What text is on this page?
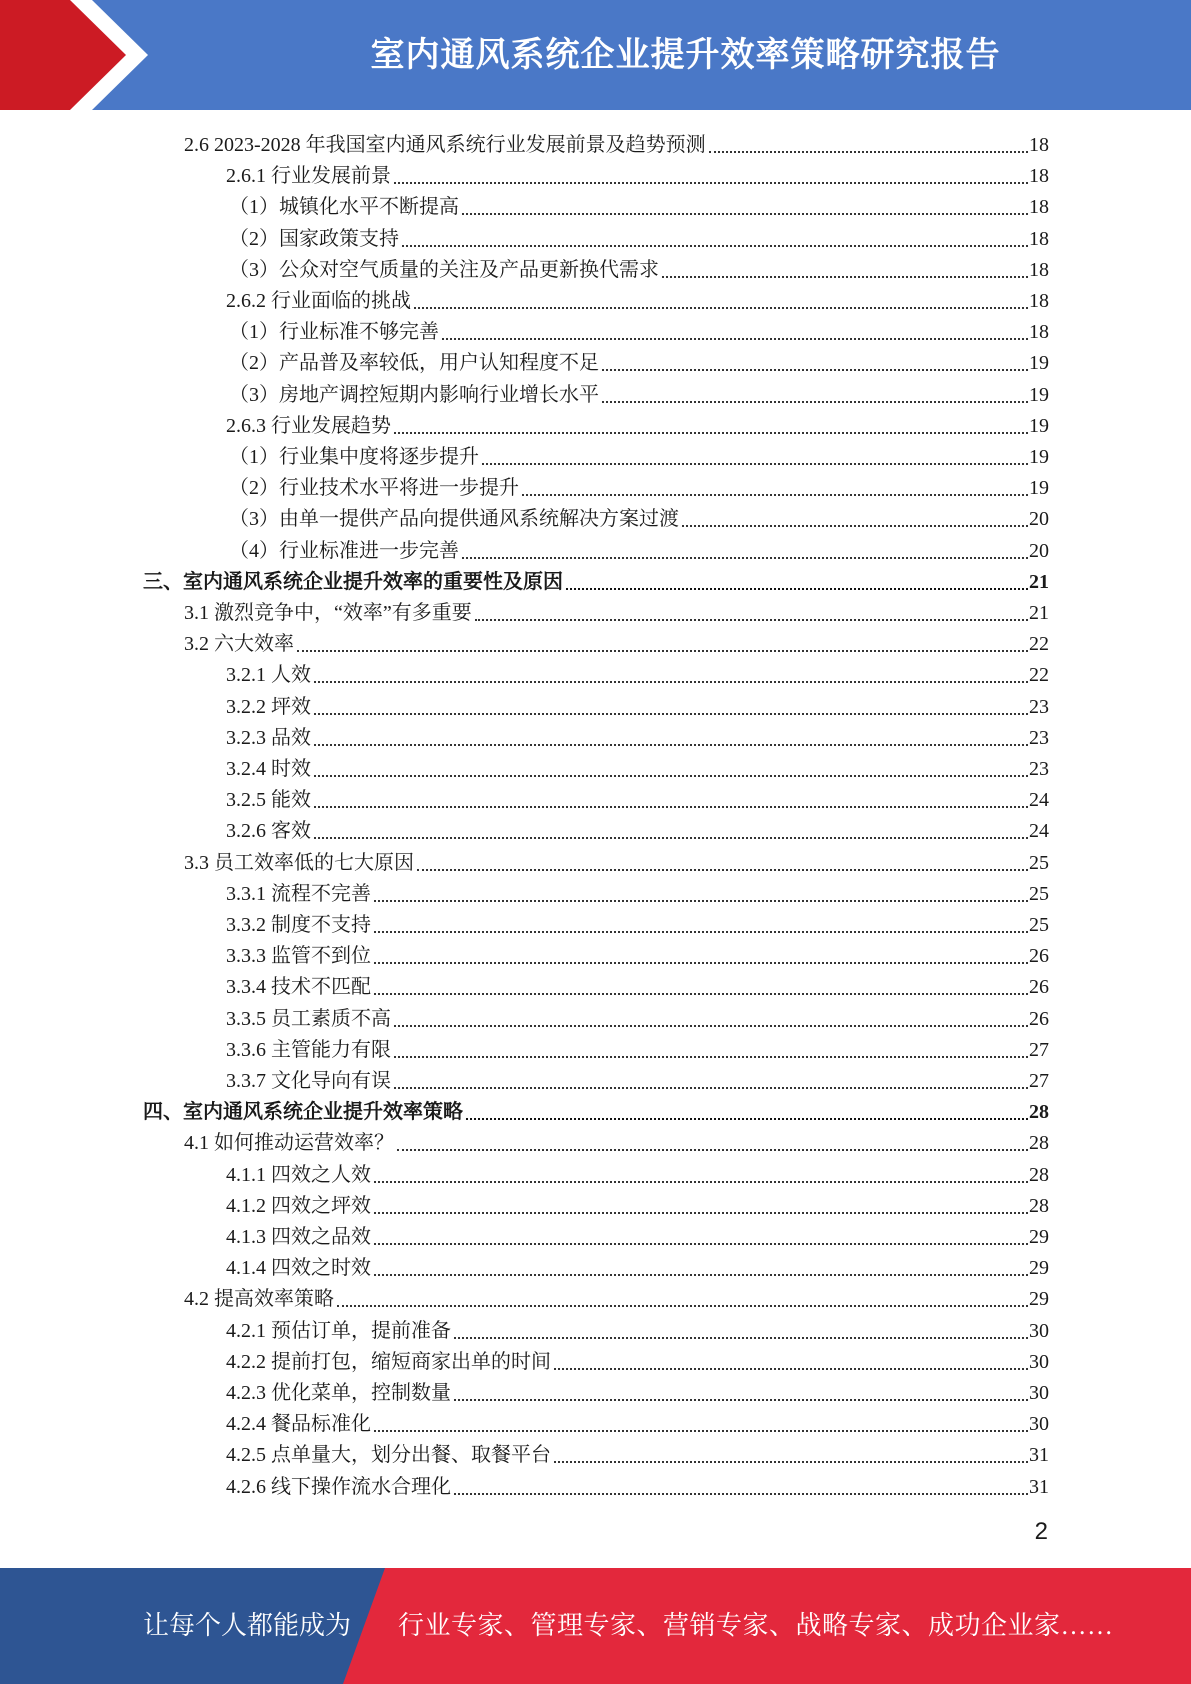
室内通风系统企业提升效率策略研究报告
2.6 2023-2028 年我国室内通风系统行业发展前景及趋势预测	18
2.6.1 行业发展前景	18
（1）城镇化水平不断提高	18
（2）国家政策支持	18
（3）公众对空气质量的关注及产品更新换代需求	18
2.6.2 行业面临的挑战	18
（1）行业标准不够完善	18
（2）产品普及率较低，用户认知程度不足	19
（3）房地产调控短期内影响行业增长水平	19
2.6.3 行业发展趋势	19
（1）行业集中度将逐步提升	19
（2）行业技术水平将进一步提升	19
（3）由单一提供产品向提供通风系统解决方案过渡	20
（4）行业标准进一步完善	20
三、室内通风系统企业提升效率的重要性及原因	21
3.1 激烈竞争中，“效率”有多重要	21
3.2 六大效率	22
3.2.1 人效	22
3.2.2 坪效	23
3.2.3 品效	23
3.2.4 时效	23
3.2.5 能效	24
3.2.6 客效	24
3.3 员工效率低的七大原因	25
3.3.1 流程不完善	25
3.3.2 制度不支持	25
3.3.3 监管不到位	26
3.3.4 技术不匹配	26
3.3.5 员工素质不高	26
3.3.6 主管能力有限	27
3.3.7 文化导向有误	27
四、室内通风系统企业提升效率策略	28
4.1 如何推动运营效率？	28
4.1.1 四效之人效	28
4.1.2 四效之坪效	28
4.1.3 四效之品效	29
4.1.4 四效之时效	29
4.2 提高效率策略	29
4.2.1 预估订单，提前准备	30
4.2.2 提前打包，缩短商家出单的时间	30
4.2.3 优化菜单，控制数量	30
4.2.4 餐品标准化	30
4.2.5 点单量大，划分出餐、取餐平台	31
4.2.6 线下操作流水合理化	31
2
让每个人都能成为 行业专家、管理专家、营销专家、战略专家、成功企业家……
